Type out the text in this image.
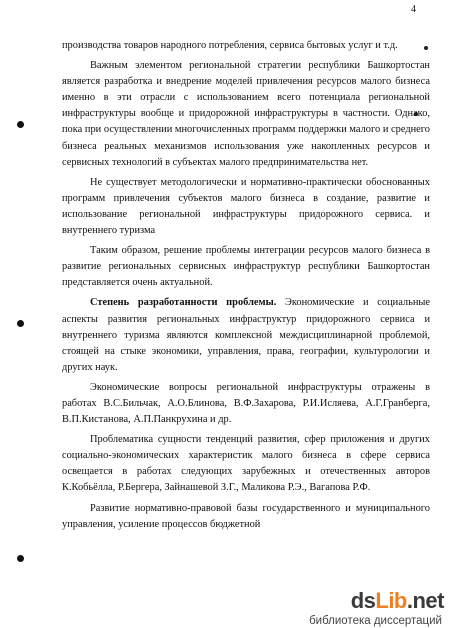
4

производства товаров народного потребления, сервиса бытовых услуг и т.д.

Важным элементом региональной стратегии республики Башкортостан является разработка и внедрение моделей привлечения ресурсов малого бизнеса именно в эти отрасли с использованием всего потенциала региональной инфраструктуры вообще и придорожной инфраструктуры в частности. Однако, пока при осуществлении многочисленных программ поддержки малого и среднего бизнеса реальных механизмов использования уже накопленных ресурсов и сервисных технологий в субъектах малого предпринимательства нет.

Не существует методологически и нормативно-практически обоснованных программ привлечения субъектов малого бизнеса в создание, развитие и использование региональной инфраструктуры придорожного сервиса. и внутреннего туризма

Таким образом, решение проблемы интеграции ресурсов малого бизнеса в развитие региональных сервисных инфраструктур республики Башкортостан представляется очень актуальной.

Степень разработанности проблемы. Экономические и социальные аспекты развития региональных инфраструктур придорожного сервиса и внутреннего туризма являются комплексной междисциплинарной проблемой, стоящей на стыке экономики, управления, права, географии, культурологии и других наук.

Экономические вопросы региональной инфраструктуры отражены в работах В.С.Бильчак, А.О.Блинова, В.Ф.Захарова, Р.И.Исляева, А.Г.Гранберга, В.П.Кистанова, А.П.Панкрухина и др.

Проблематика сущности тенденций развития, сфер приложения и других социально-экономических характеристик малого бизнеса в сфере сервиса освещается в работах следующих зарубежных и отечественных авторов К.Кобьёлла, Р.Бергера, Зайнашевой З.Г., Маликова Р.Э., Вагапова Р.Ф.

Развитие нормативно-правовой базы государственного и муниципального управления, усиление процессов бюджетной

ds Lib .net
библиотека диссертаций
